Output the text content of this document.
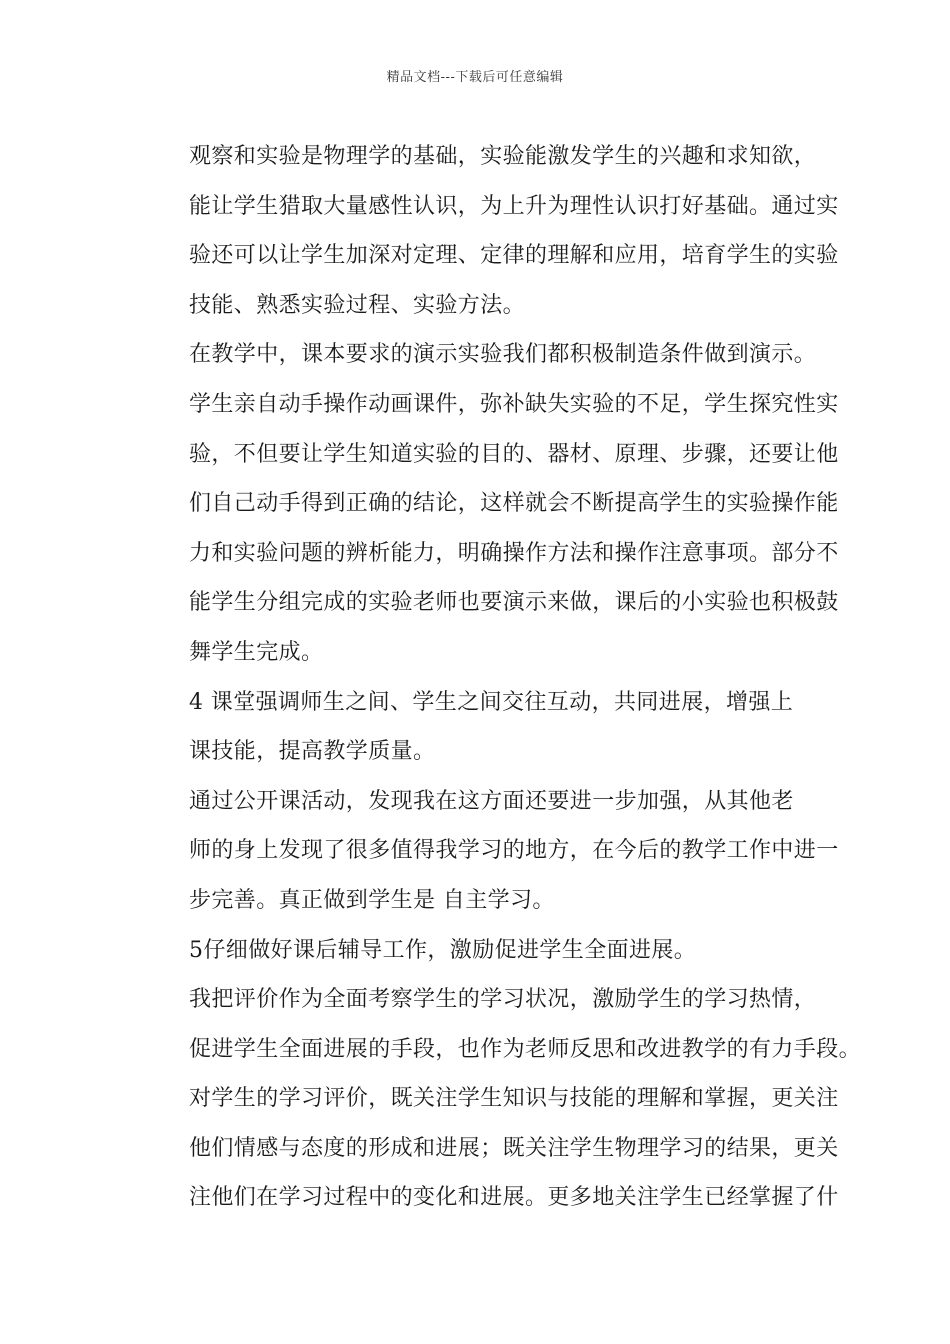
精品文档---下载后可任意编辑

观察和实验是物理学的基础，实验能激发学生的兴趣和求知欲，
能让学生猎取大量感性认识，为上升为理性认识打好基础。通过实
验还可以让学生加深对定理、定律的理解和应用，培育学生的实验
技能、熟悉实验过程、实验方法。

在教学中，课本要求的演示实验我们都积极制造条件做到演示。
学生亲自动手操作动画课件，弥补缺失实验的不足，学生探究性实
验，不但要让学生知道实验的目的、器材、原理、步骤，还要让他
们自己动手得到正确的结论，这样就会不断提高学生的实验操作能
力和实验问题的辨析能力，明确操作方法和操作注意事项。部分不
能学生分组完成的实验老师也要演示来做，课后的小实验也积极鼓
舞学生完成。

4 课堂强调师生之间、学生之间交往互动，共同进展，增强上
课技能，提高教学质量。

通过公开课活动，发现我在这方面还要进一步加强，从其他老
师的身上发现了很多值得我学习的地方，在今后的教学工作中进一
步完善。真正做到学生是 自主学习。

5仔细做好课后辅导工作，激励促进学生全面进展。

我把评价作为全面考察学生的学习状况，激励学生的学习热情，
促进学生全面进展的手段，也作为老师反思和改进教学的有力手段。
对学生的学习评价，既关注学生知识与技能的理解和掌握，更关注
他们情感与态度的形成和进展；既关注学生物理学习的结果，更关
注他们在学习过程中的变化和进展。更多地关注学生已经掌握了什
